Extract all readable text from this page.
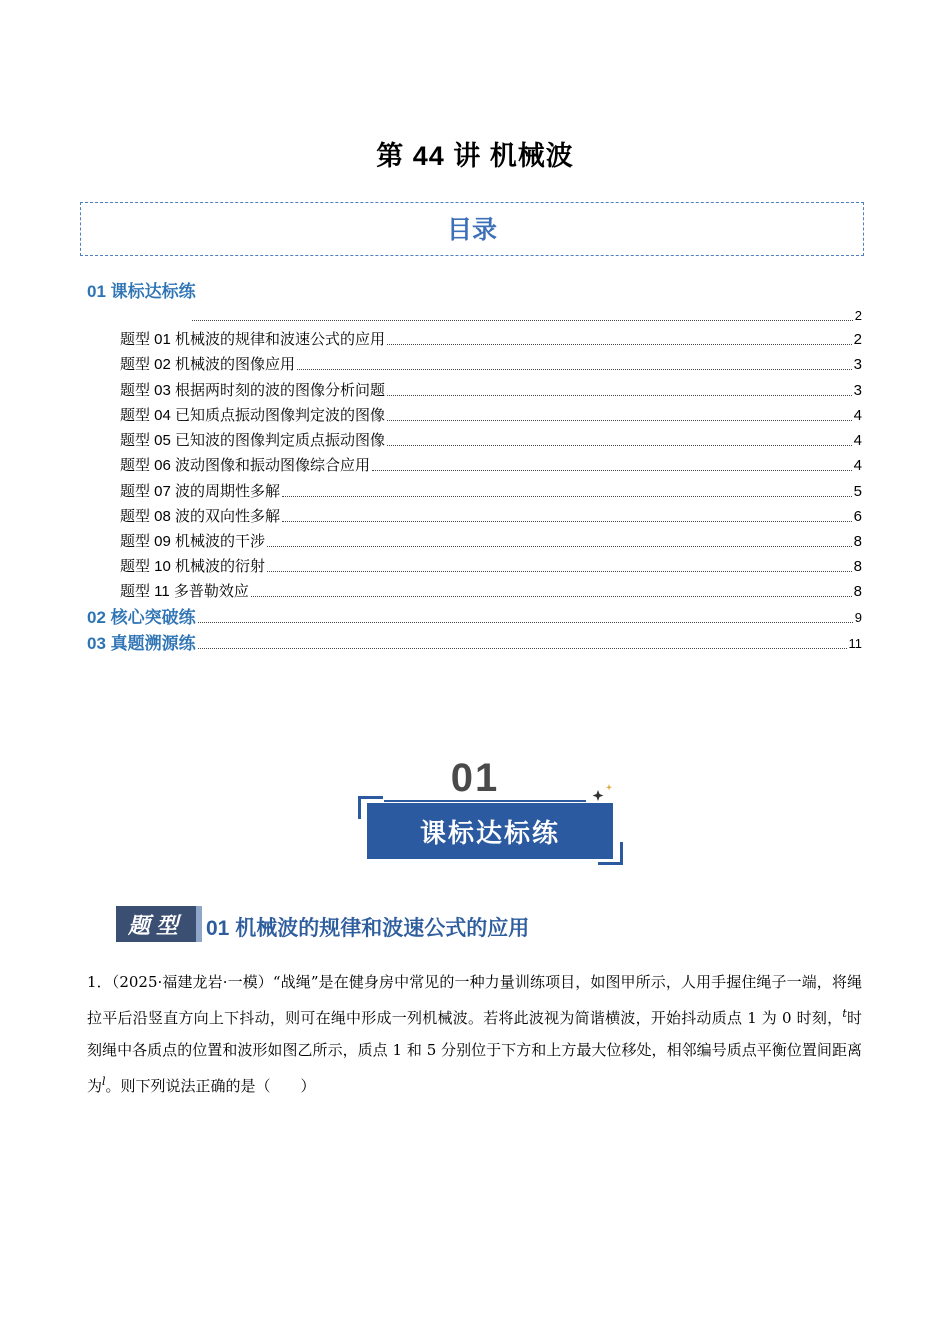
第 44 讲 机械波
目录
01 课标达标练
2
题型 01 机械波的规律和波速公式的应用	2
题型 02 机械波的图像应用	3
题型 03 根据两时刻的波的图像分析问题	3
题型 04 已知质点振动图像判定波的图像	4
题型 05 已知波的图像判定质点振动图像	4
题型 06 波动图像和振动图像综合应用	4
题型 07 波的周期性多解	5
题型 08 波的双向性多解	6
题型 09 机械波的干涉	8
题型 10 机械波的衍射	8
题型 11 多普勒效应	8
02 核心突破练	9
03 真题溯源练	11
01
课标达标练
题型	01 机械波的规律和波速公式的应用
1．（2025·福建龙岩·一模）“战绳”是在健身房中常见的一种力量训练项目，如图甲所示，人用手握住绳子一端，将绳拉平后沿竖直方向上下抖动，则可在绳中形成一列机械波。若将此波视为简谐横波，开始抖动质点 1 为 0 时刻，$^t$时刻绳中各质点的位置和波形如图乙所示，质点 1 和 5 分别位于下方和上方最大位移处，相邻编号质点平衡位置间距离为$^l$。则下列说法正确的是（　　）
